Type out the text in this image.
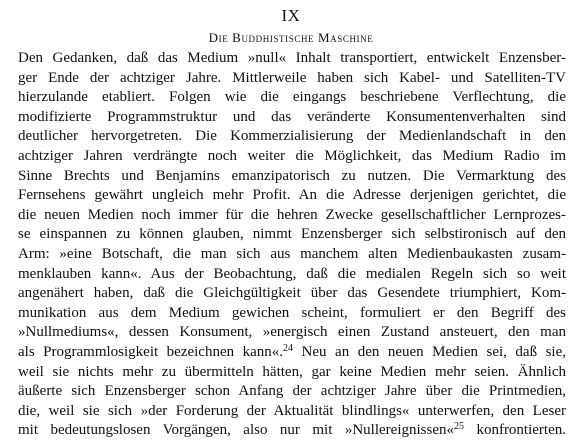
IX
Die Buddhistische Maschine
Den Gedanken, daß das Medium »null« Inhalt transportiert, entwickelt Enzensber-
ger Ende der achtziger Jahre. Mittlerweile haben sich Kabel- und Satelliten-TV
hierzulande etabliert. Folgen wie die eingangs beschriebene Verflechtung, die
modifizierte Programmstruktur und das veränderte Konsumentenverhalten sind
deutlicher hervorgetreten. Die Kommerzialisierung der Medienlandschaft in den
achtziger Jahren verdrängte noch weiter die Möglichkeit, das Medium Radio im
Sinne Brechts und Benjamins emanzipatorisch zu nutzen. Die Vermarktung des
Fernsehens gewährt ungleich mehr Profit. An die Adresse derjenigen gerichtet, die
die neuen Medien noch immer für die hehren Zwecke gesellschaftlicher Lernprozes-
se einspannen zu können glauben, nimmt Enzensberger sich selbstironisch auf den
Arm: »eine Botschaft, die man sich aus manchem alten Medienbaukasten zusam-
menklauben kann«. Aus der Beobachtung, daß die medialen Regeln sich so weit
angenähert haben, daß die Gleichgültigkeit über das Gesendete triumphiert, Kom-
munikation aus dem Medium gewichen scheint, formuliert er den Begriff des
»Nullmediums«, dessen Konsument, »energisch einen Zustand ansteuert, den man
als Programmlosigkeit bezeichnen kann«.$^{24}$ Neu an den neuen Medien sei, daß sie,
weil sie nichts mehr zu übermitteln hätten, gar keine Medien mehr seien. Ähnlich
äußerte sich Enzensberger schon Anfang der achtziger Jahre über die Printmedien,
die, weil sie sich »der Forderung der Aktualität blindlings« unterwerfen, den Leser
mit bedeutungslosen Vorgängen, also nur mit »Nullereignissen«$^{25}$ konfrontierten.
